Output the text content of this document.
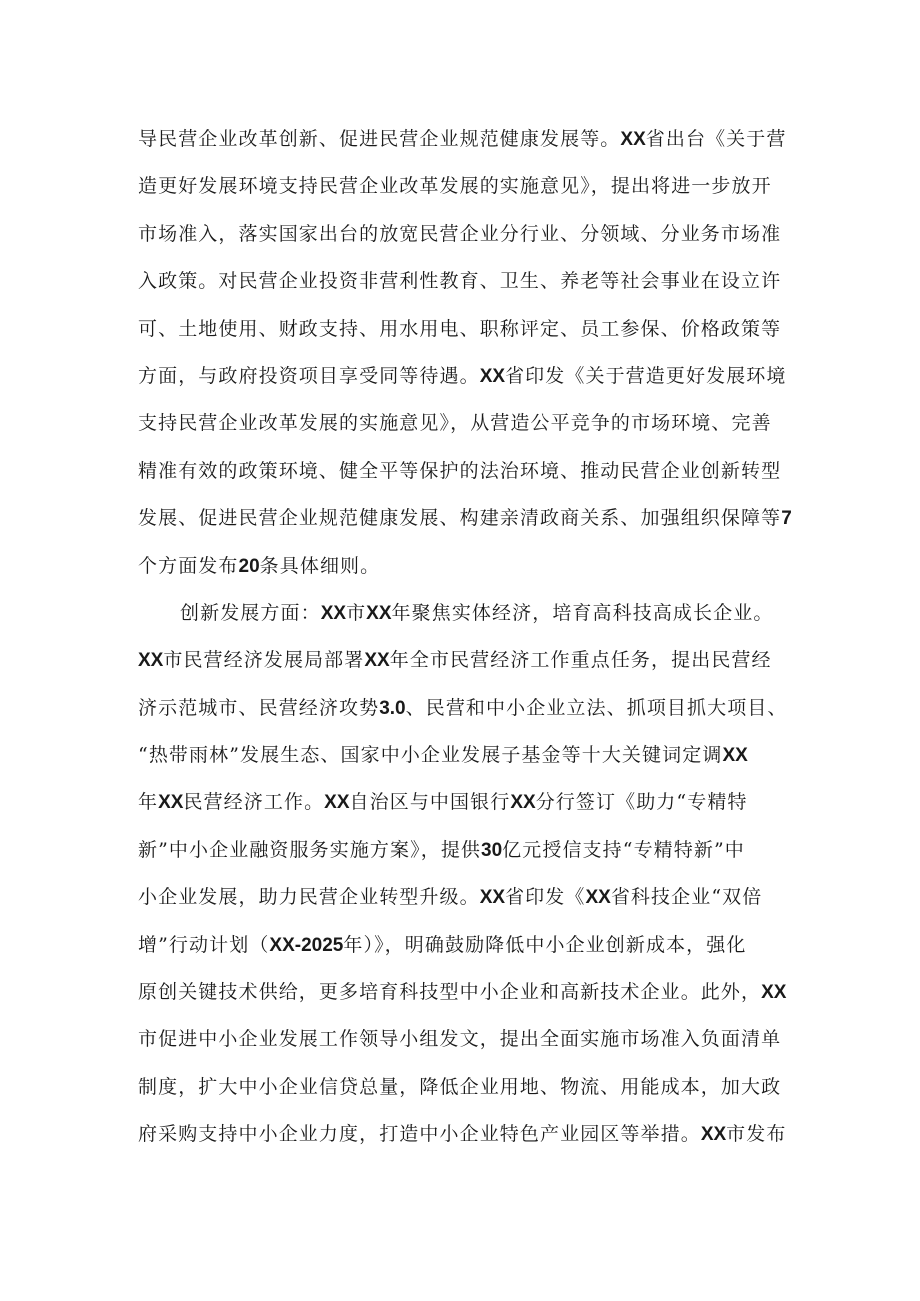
导民营企业改革创新、促进民营企业规范健康发展等。XX省出台《关于营
造更好发展环境支持民营企业改革发展的实施意见》，提出将进一步放开
市场准入，落实国家出台的放宽民营企业分行业、分领域、分业务市场准
入政策。对民营企业投资非营利性教育、卫生、养老等社会事业在设立许
可、土地使用、财政支持、用水用电、职称评定、员工参保、价格政策等
方面，与政府投资项目享受同等待遇。XX省印发《关于营造更好发展环境
支持民营企业改革发展的实施意见》，从营造公平竞争的市场环境、完善
精准有效的政策环境、健全平等保护的法治环境、推动民营企业创新转型
发展、促进民营企业规范健康发展、构建亲清政商关系、加强组织保障等7
个方面发布20条具体细则。
创新发展方面：XX市XX年聚焦实体经济，培育高科技高成长企业。
XX市民营经济发展局部署XX年全市民营经济工作重点任务，提出民营经
济示范城市、民营经济攻势3.0、民营和中小企业立法、抓项目抓大项目、
“热带雨林”发展生态、国家中小企业发展子基金等十大关键词定调XX
年XX民营经济工作。XX自治区与中国银行XX分行签订《助力“专精特
新”中小企业融资服务实施方案》，提供30亿元授信支持“专精特新”中
小企业发展，助力民营企业转型升级。XX省印发《XX省科技企业“双倍
增”行动计划（XX-2025年）》，明确鼓励降低中小企业创新成本，强化
原创关键技术供给，更多培育科技型中小企业和高新技术企业。此外，XX
市促进中小企业发展工作领导小组发文，提出全面实施市场准入负面清单
制度，扩大中小企业信贷总量，降低企业用地、物流、用能成本，加大政
府采购支持中小企业力度，打造中小企业特色产业园区等举措。XX市发布
